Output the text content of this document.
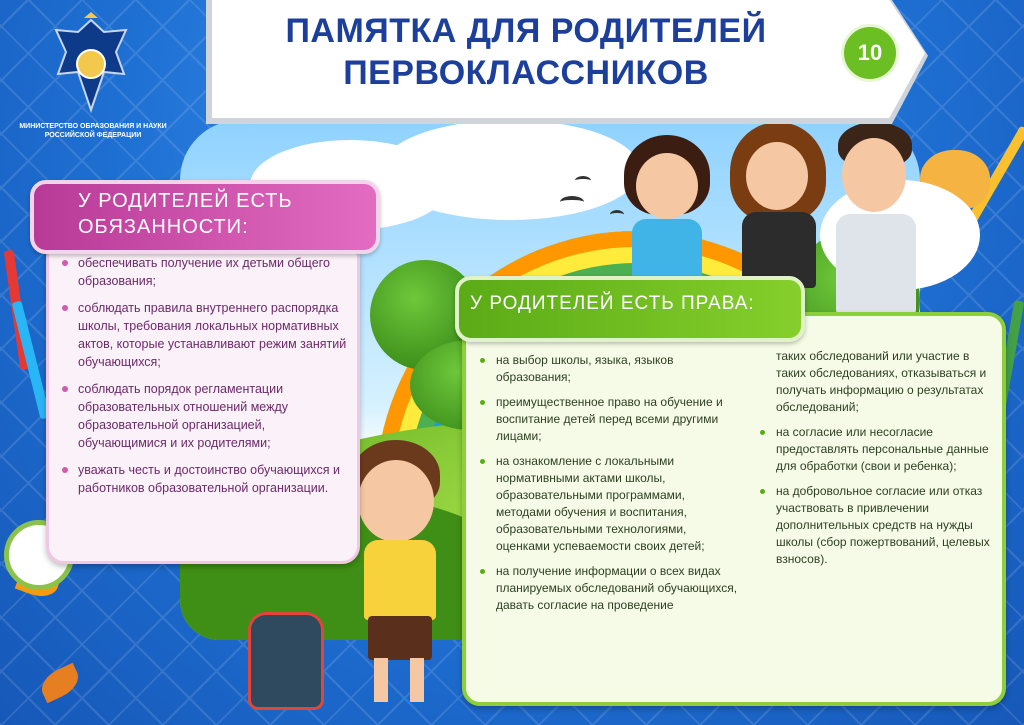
ПАМЯТКА ДЛЯ РОДИТЕЛЕЙ
ПЕРВОКЛАССНИКОВ
10
МИНИСТЕРСТВО ОБРАЗОВАНИЯ И НАУКИ
РОССИЙСКОЙ ФЕДЕРАЦИИ
У РОДИТЕЛЕЙ ЕСТЬ
ОБЯЗАННОСТИ:
обеспечивать получение их детьми общего образования;
соблюдать правила внутреннего распорядка школы, требования локальных нормативных актов, которые устанавливают режим занятий обучающихся;
соблюдать порядок регламентации образовательных отношений между образовательной организацией, обучающимися и их родителями;
уважать честь и достоинство обучающихся и работников образовательной организации.
У РОДИТЕЛЕЙ ЕСТЬ ПРАВА:
на выбор школы, языка, языков образования;
преимущественное право на обучение и воспитание детей перед всеми другими лицами;
на ознакомление с локальными нормативными актами школы, образовательными программами, методами обучения и воспитания, образовательными технологиями, оценками успеваемости своих детей;
на получение информации о всех видах планируемых обследований обучающихся, давать согласие на проведение
таких обследований или участие в таких обследованиях, отказываться и получать информацию о результатах обследований;
на согласие или несогласие предоставлять персональные данные для обработки (свои и ребенка);
на добровольное согласие или отказ участвовать в привлечении дополнительных средств на нужды школы (сбор пожертвований, целевых взносов).
